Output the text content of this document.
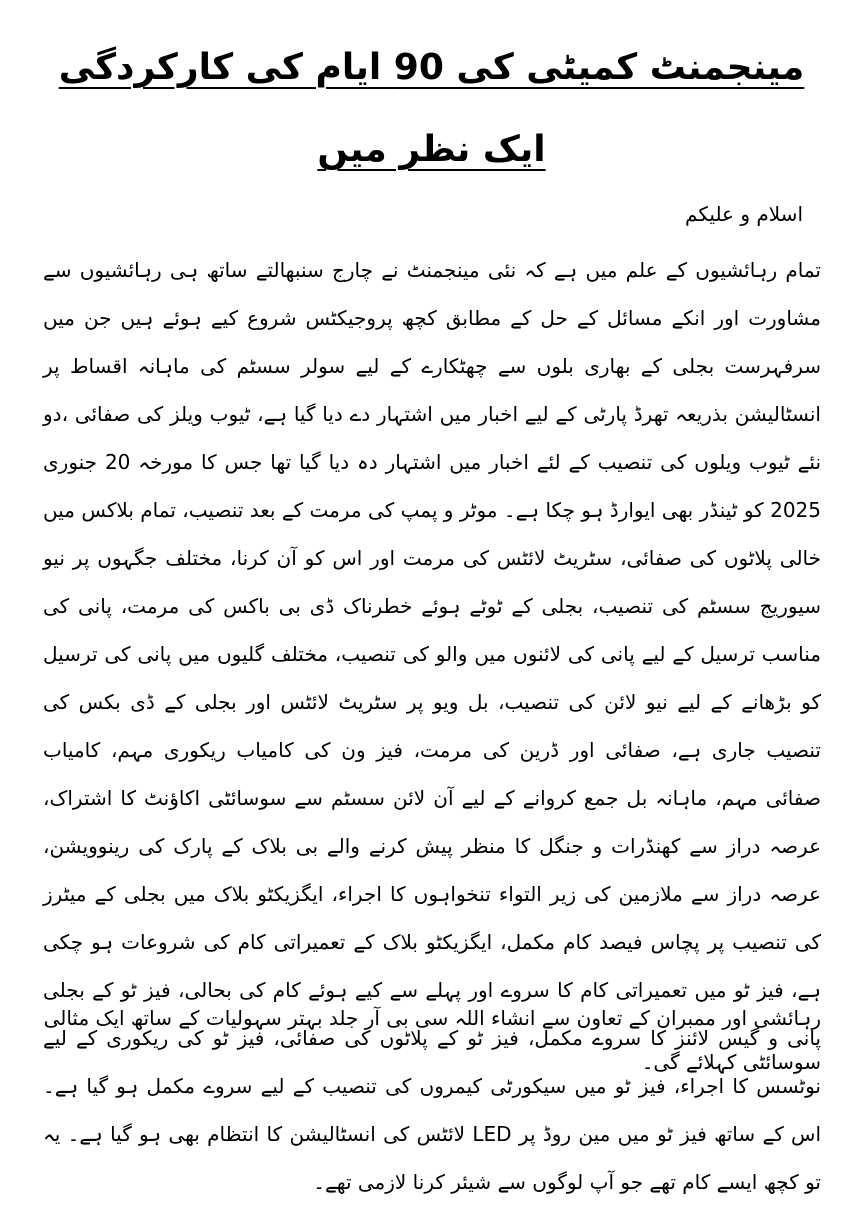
مینجمنٹ کمیٹی کی 90 ایام کی کارکردگی
ایک نظر میں
اسلام و علیکم

تمام رہائشیوں کے علم میں ہے کہ نئی مینجمنٹ نے چارج سنبھالتے ساتھ ہی رہائشیوں سے مشاورت اور انکے مسائل کے حل کے مطابق کچھ پروجیکٹس شروع کیے ہوئے ہیں جن میں سرفہرست بجلی کے بھاری بلوں سے چھٹکارے کے لیے سولر سسٹم کی ماہانہ اقساط پر انسٹالیشن بذریعہ تھرڈ پارٹی کے لیے اخبار میں اشتہار دے دیا گیا ہے، ٹیوب ویلز کی صفائی ،دو نئے ٹیوب ویلوں کی تنصیب کے لئے اخبار میں اشتہار دہ دیا گیا تھا جس کا مورخہ 20 جنوری 2025 کو ٹینڈر بھی ایوارڈ ہو چکا ہے۔ موٹر و پمپ کی مرمت کے بعد تنصیب، تمام بلاکس میں خالی پلاٹوں کی صفائی، سٹریٹ لائٹس کی مرمت اور اس کو آن کرنا، مختلف جگہوں پر نیو سیوریج سسٹم کی تنصیب، بجلی کے ٹوٹے ہوئے خطرناک ڈی بی باکس کی مرمت، پانی کی مناسب ترسیل کے لیے پانی کی لائنوں میں والو کی تنصیب، مختلف گلیوں میں پانی کی ترسیل کو بڑھانے کے لیے نیو لائن کی تنصیب، بل ویو پر سٹریٹ لائٹس اور بجلی کے ڈی بکس کی تنصیب جاری ہے، صفائی اور ڈرین کی مرمت، فیز ون کی کامیاب ریکوری مہم، کامیاب صفائی مہم، ماہانہ بل جمع کروانے کے لیے آن لائن سسٹم سے سوسائٹی اکاؤنٹ کا اشتراک، عرصہ دراز سے کھنڈرات و جنگل کا منظر پیش کرنے والے بی بلاک کے پارک کی رینوویشن، عرصہ دراز سے ملازمین کی زیر التواء تنخواہوں کا اجراء، ایگزیکٹو بلاک میں بجلی کے میٹرز کی تنصیب پر پچاس فیصد کام مکمل، ایگزیکٹو بلاک کے تعمیراتی کام کی شروعات ہو چکی ہے، فیز ٹو میں تعمیراتی کام کا سروے اور پہلے سے کیے ہوئے کام کی بحالی، فیز ٹو کے بجلی پانی و گیس لائنز کا سروے مکمل، فیز ٹو کے پلاٹوں کی صفائی، فیز ٹو کی ریکوری کے لیے نوٹسس کا اجراء، فیز ٹو میں سیکورٹی کیمروں کی تنصیب کے لیے سروے مکمل ہو گیا ہے۔ اس کے ساتھ فیز ٹو میں مین روڈ پر LED لائٹس کی انسٹالیشن کا انتظام بھی ہو گیا ہے۔ یہ تو کچھ ایسے کام تھے جو آپ لوگوں سے شیئر کرنا لازمی تھے۔

رہائشی اور ممبران کے تعاون سے انشاء اللہ سی بی آر جلد بہتر سہولیات کے ساتھ ایک مثالی سوسائٹی کہلائے گی۔
